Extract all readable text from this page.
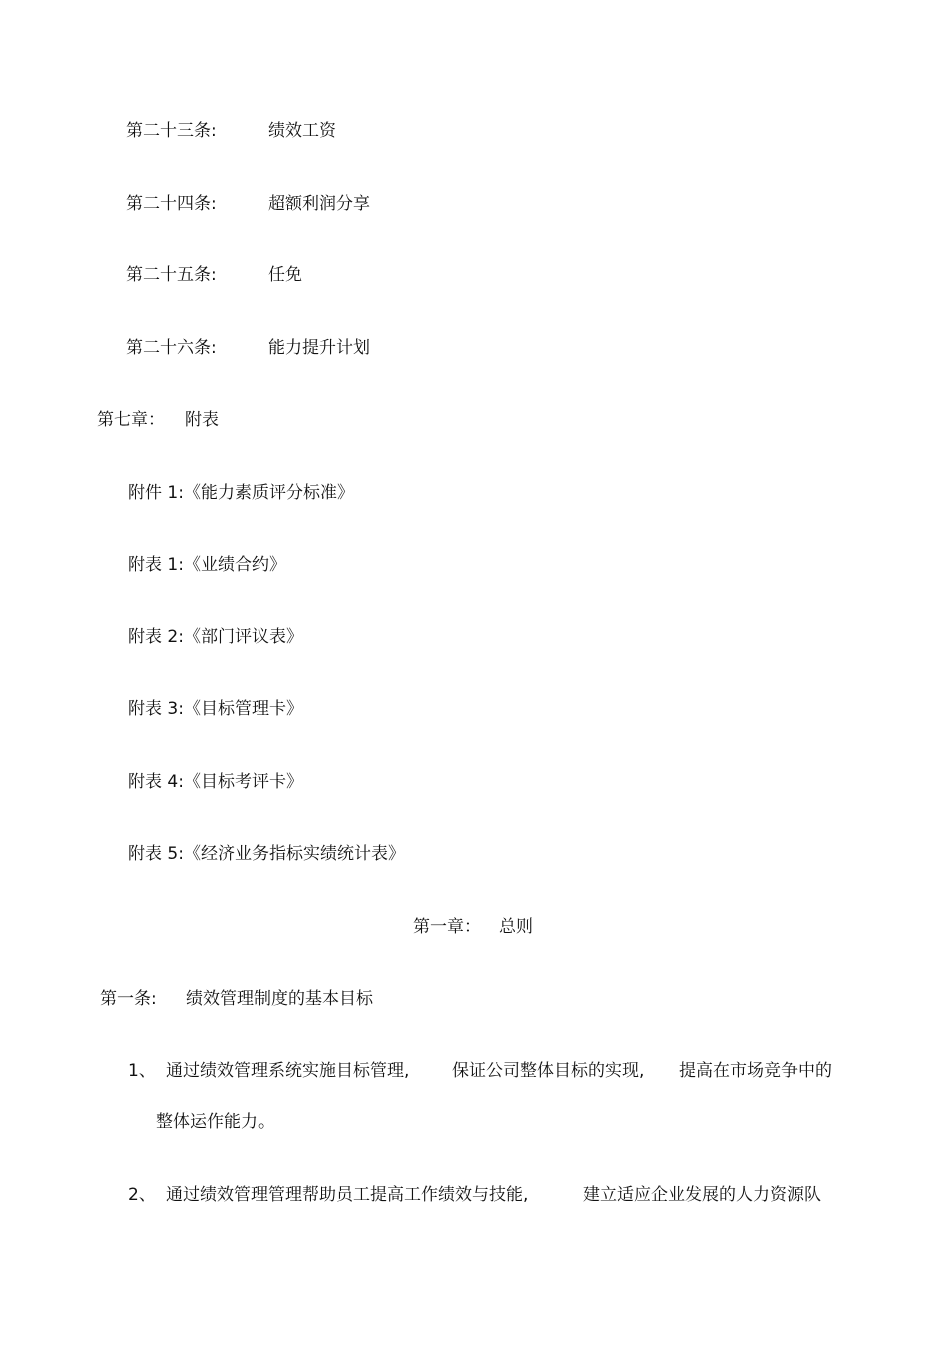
第二十三条:	绩效工资
第二十四条:	超额利润分享
第二十五条:	任免
第二十六条:	能力提升计划
第七章： 附表
附件 1:《能力素质评分标准》
附表 1:《业绩合约》
附表 2:《部门评议表》
附表 3:《目标管理卡》
附表 4:《目标考评卡》
附表 5:《经济业务指标实绩统计表》
第一章： 总则
第一条: 绩效管理制度的基本目标
1、 通过绩效管理系统实施目标管理,	保证公司整体目标的实现, 提高在市场竞争中的
整体运作能力。
2、 通过绩效管理管理帮助员工提高工作绩效与技能,	建立适应企业发展的人力资源队
